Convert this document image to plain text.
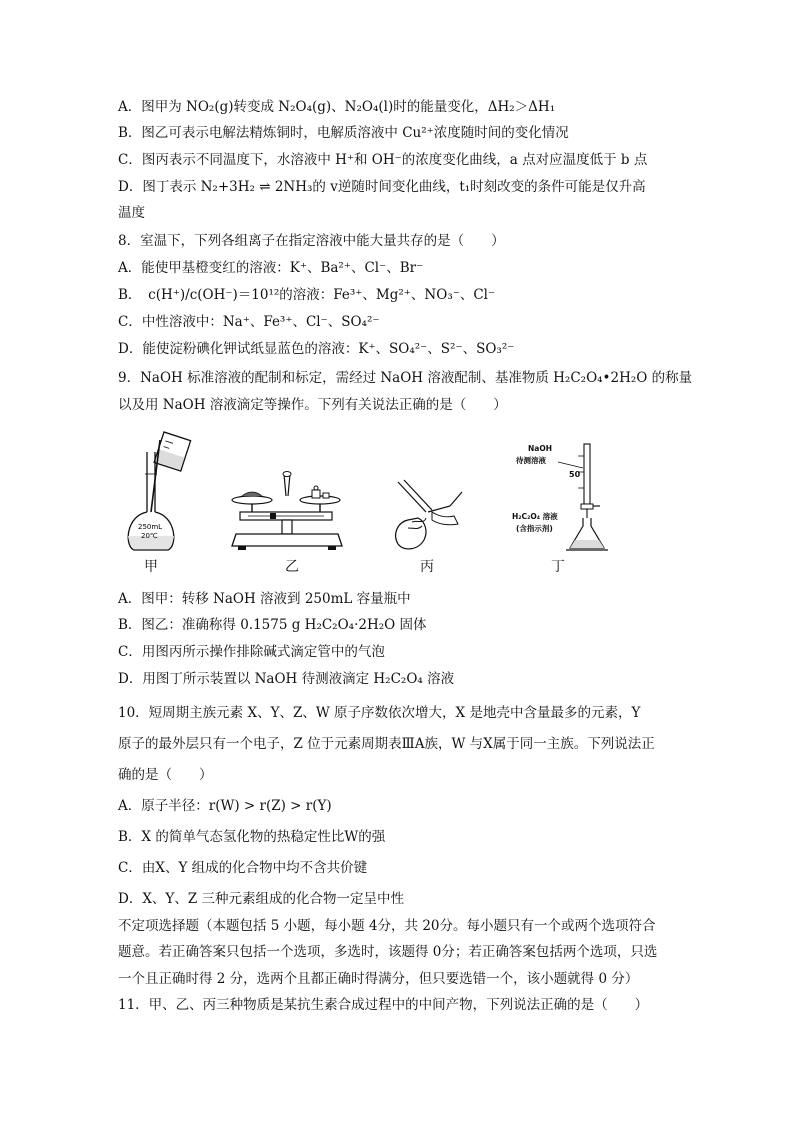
A．图甲为 NO₂(g)转变成 N₂O₄(g)、N₂O₄(l)时的能量变化，ΔH₂＞ΔH₁
B．图乙可表示电解法精炼铜时，电解质溶液中 Cu²⁺浓度随时间的变化情况
C．图丙表示不同温度下，水溶液中 H⁺和 OH⁻的浓度变化曲线，a 点对应温度低于 b 点
D．图丁表示 N₂+3H₂ ⇌ 2NH₃的 v逆随时间变化曲线，t₁时刻改变的条件可能是仅升高
温度
8．室温下，下列各组离子在指定溶液中能大量共存的是（　　）
A．能使甲基橙变红的溶液：K⁺、Ba²⁺、Cl⁻、Br⁻
B．　c(H⁺)/c(OH⁻)＝10¹²的溶液：Fe³⁺、Mg²⁺、NO₃⁻、Cl⁻
C．中性溶液中：Na⁺、Fe³⁺、Cl⁻、SO₄²⁻
D．能使淀粉碘化钾试纸显蓝色的溶液：K⁺、SO₄²⁻、S²⁻、SO₃²⁻
9．NaOH 标准溶液的配制和标定，需经过 NaOH 溶液配制、基准物质 H₂C₂O₄•2H₂O 的称量
以及用 NaOH 溶液滴定等操作。下列有关说法正确的是（　　）
250mL
20℃
甲	乙	丙
NaOH
待测溶液
50
H₂C₂O₄ 溶液
(含指示剂)
丁
A．图甲：转移 NaOH 溶液到 250mL 容量瓶中
B．图乙：准确称得 0.1575 g H₂C₂O₄·2H₂O 固体
C．用图丙所示操作排除碱式滴定管中的气泡
D．用图丁所示装置以 NaOH 待测液滴定 H₂C₂O₄ 溶液
10．短周期主族元素 X、Y、Z、W 原子序数依次增大，X 是地壳中含量最多的元素，Y
原子的最外层只有一个电子，Z 位于元素周期表ⅢA族，W 与X属于同一主族。下列说法正
确的是（　　）
A．原子半径：r(W) > r(Z) > r(Y)
B．X 的简单气态氢化物的热稳定性比W的强
C．由X、Y 组成的化合物中均不含共价键
D．X、Y、Z 三种元素组成的化合物一定呈中性
不定项选择题（本题包括 5 小题，每小题 4分，共 20分。每小题只有一个或两个选项符合
题意。若正确答案只包括一个选项，多选时，该题得 0分；若正确答案包括两个选项，只选
一个且正确时得 2 分，选两个且都正确时得满分，但只要选错一个，该小题就得 0 分）
11．甲、乙、丙三种物质是某抗生素合成过程中的中间产物，下列说法正确的是（　　）
